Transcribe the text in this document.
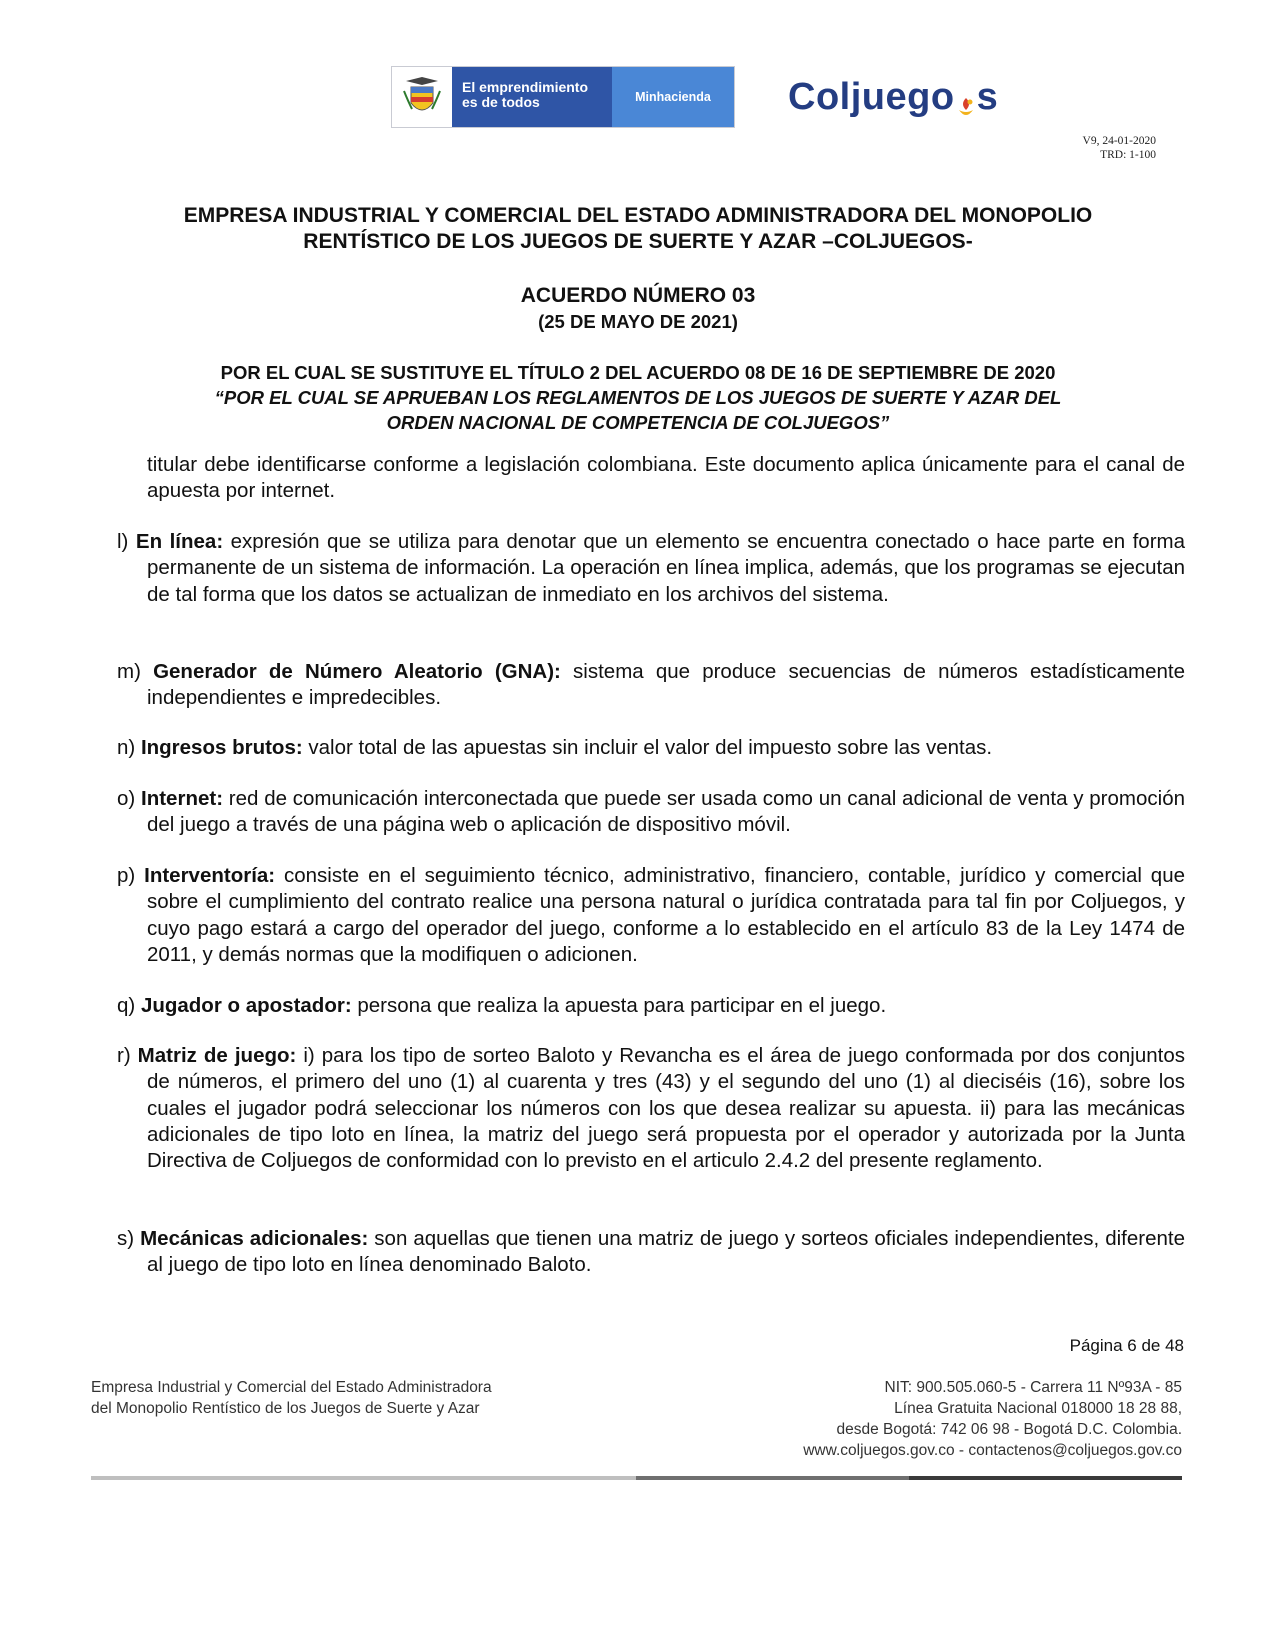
El emprendimiento
es de todos	Minhacienda	Colj uego s
V9, 24-01-2020
TRD: 1-100
EMPRESA INDUSTRIAL Y COMERCIAL DEL ESTADO ADMINISTRADORA DEL MONOPOLIO
RENTÍSTICO DE LOS JUEGOS DE SUERTE Y AZAR –COLJUEGOS-
ACUERDO NÚMERO 03
(25 DE MAYO DE 2021)
POR EL CUAL SE SUSTITUYE EL TÍTULO 2 DEL ACUERDO 08 DE 16 DE SEPTIEMBRE DE 2020
“POR EL CUAL SE APRUEBAN LOS REGLAMENTOS DE LOS JUEGOS DE SUERTE Y AZAR DEL
ORDEN NACIONAL DE COMPETENCIA DE COLJUEGOS”
titular debe identificarse conforme a legislación colombiana. Este documento aplica únicamente para el canal de apuesta por internet.
l) En línea: expresión que se utiliza para denotar que un elemento se encuentra conectado o hace parte en forma permanente de un sistema de información. La operación en línea implica, además, que los programas se ejecutan de tal forma que los datos se actualizan de inmediato en los archivos del sistema.
m) Generador de Número Aleatorio (GNA): sistema que produce secuencias de números estadísticamente independientes e impredecibles.
n) Ingresos brutos: valor total de las apuestas sin incluir el valor del impuesto sobre las ventas.
o) Internet: red de comunicación interconectada que puede ser usada como un canal adicional de venta y promoción del juego a través de una página web o aplicación de dispositivo móvil.
p) Interventoría: consiste en el seguimiento técnico, administrativo, financiero, contable, jurídico y comercial que sobre el cumplimiento del contrato realice una persona natural o jurídica contratada para tal fin por Coljuegos, y cuyo pago estará a cargo del operador del juego, conforme a lo establecido en el artículo 83 de la Ley 1474 de 2011, y demás normas que la modifiquen o adicionen.
q) Jugador o apostador: persona que realiza la apuesta para participar en el juego.
r) Matriz de juego: i) para los tipo de sorteo Baloto y Revancha es el área de juego conformada por dos conjuntos de números, el primero del uno (1) al cuarenta y tres (43) y el segundo del uno (1) al dieciséis (16), sobre los cuales el jugador podrá seleccionar los números con los que desea realizar su apuesta. ii) para las mecánicas adicionales de tipo loto en línea, la matriz del juego será propuesta por el operador y autorizada por la Junta Directiva de Coljuegos de conformidad con lo previsto en el articulo 2.4.2 del presente reglamento.
s) Mecánicas adicionales: son aquellas que tienen una matriz de juego y sorteos oficiales independientes, diferente al juego de tipo loto en línea denominado Baloto.
Página 6 de 48
Empresa Industrial y Comercial del Estado Administradora
del Monopolio Rentístico de los Juegos de Suerte y Azar
NIT: 900.505.060-5 - Carrera 11 Nº93A - 85
Línea Gratuita Nacional 018000 18 28 88,
desde Bogotá: 742 06 98 - Bogotá D.C. Colombia.
www.coljuegos.gov.co - contactenos@coljuegos.gov.co
